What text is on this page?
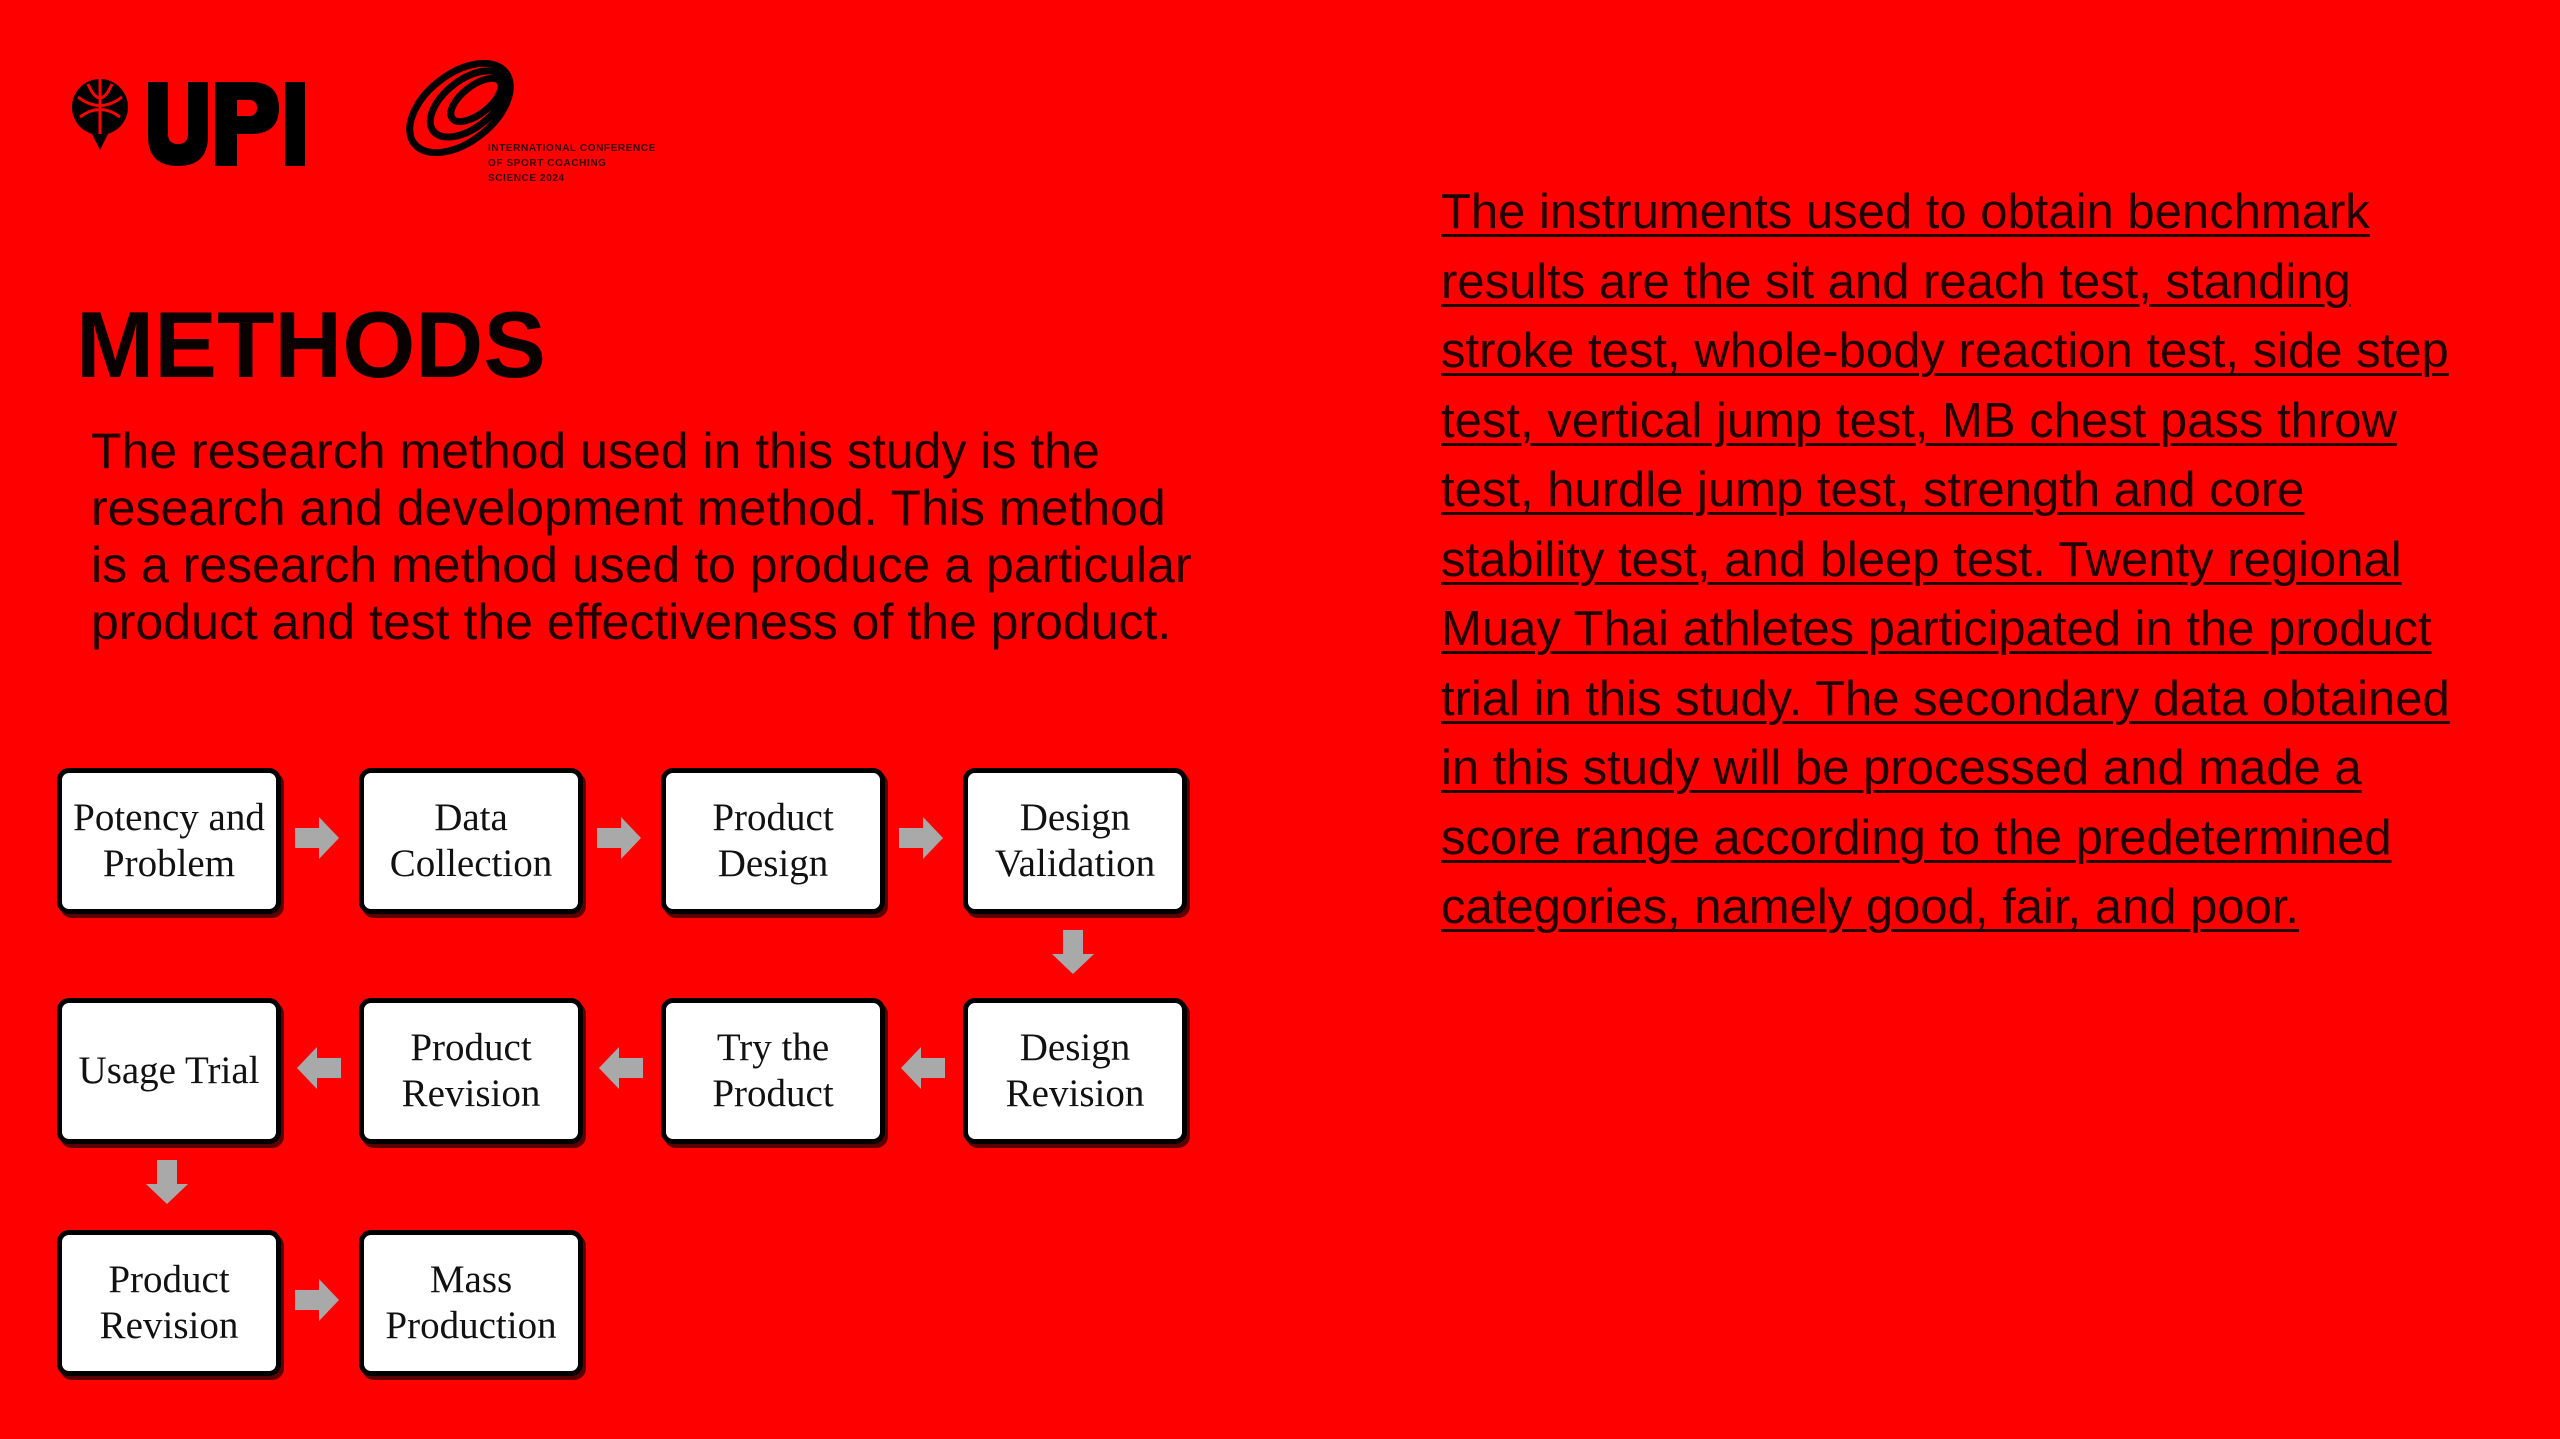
INTERNATIONAL CONFERENCE
OF SPORT COACHING
SCIENCE 2024
METHODS

The research method used in this study is the research and development method. This method is a research method used to produce a particular product and test the effectiveness of the product.

The instruments used to obtain benchmark results are the sit and reach test, standing stroke test, whole-body reaction test, side step test, vertical jump test, MB chest pass throw test, hurdle jump test, strength and core stability test, and bleep test. Twenty regional Muay Thai athletes participated in the product trial in this study. The secondary data obtained in this study will be processed and made a score range according to the predetermined categories, namely good, fair, and poor.

Potency and Problem
Data Collection
Product Design
Design Validation
Design Revision
Try the Product
Product Revision
Usage Trial
Product Revision
Mass Production
